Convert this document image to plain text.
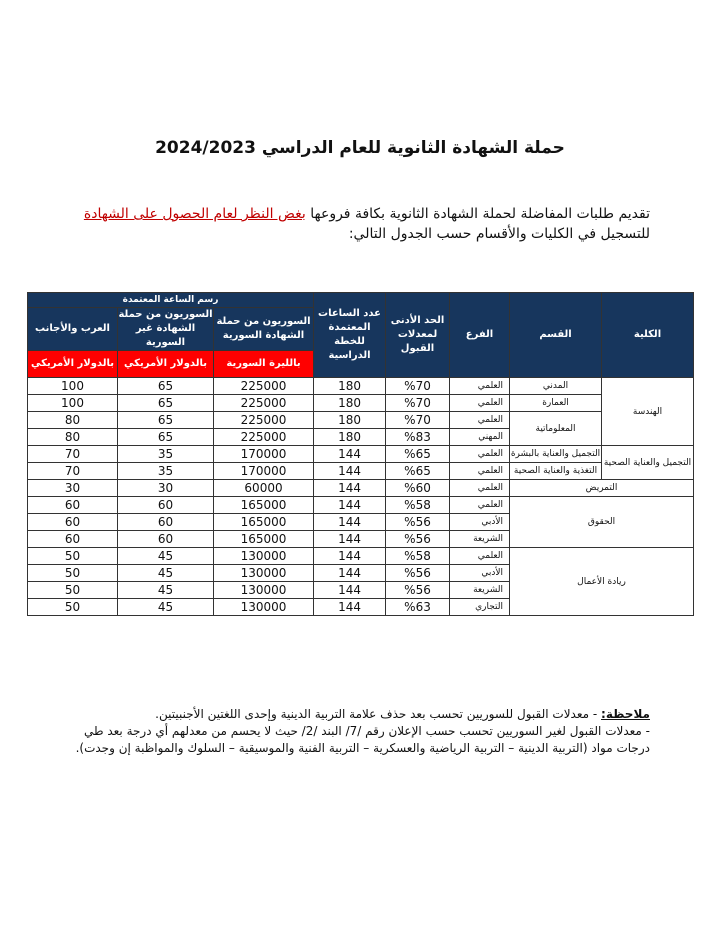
حملة الشهادة الثانوية للعام الدراسي 2024/2023
تقديم طلبات المفاضلة لحملة الشهادة الثانوية بكافة فروعها بغض النظر لعام الحصول على الشهادة للتسجيل في الكليات والأقسام حسب الجدول التالي:
الكلية	القسم	الفرع	الحد الأدنى لمعدلات القبول	عدد الساعات المعتمدة للخطة الدراسية	رسم الساعة المعتمدة		
					السوريون من حملة الشهادة السورية	السوريون من حملة الشهادة غير السورية	العرب والأجانب
					بالليرة السورية	بالدولار الأمريكي	بالدولار الأمريكي
الهندسة	المدني	العلمي	%70	180	225000	65	100
	العمارة	العلمي	%70	180	225000	65	100
	المعلوماتية	العلمي	%70	180	225000	65	80
		المهني	%83	180	225000	65	80
التجميل والعناية الصحية	التجميل والعناية بالبشرة	العلمي	%65	144	170000	35	70
	التغذية والعناية الصحية	العلمي	%65	144	170000	35	70
التمريض		العلمي	%60	144	60000	30	30
الحقوق		العلمي	%58	144	165000	60	60
		الأدبي	%56	144	165000	60	60
		الشريعة	%56	144	165000	60	60
ريادة الأعمال		العلمي	%58	144	130000	45	50
		الأدبي	%56	144	130000	45	50
		الشريعة	%56	144	130000	45	50
		التجاري	%63	144	130000	45	50
ملاحظة: - معدلات القبول للسوريين تحسب بعد حذف علامة التربية الدينية وإحدى اللغتين الأجنبيتين.
- معدلات القبول لغير السوريين تحسب حسب الإعلان رقم /7/ البند /2/ حيث لا يحسم من معدلهم أي درجة بعد طي درجات مواد (التربية الدينية – التربية الرياضية والعسكرية – التربية الفنية والموسيقية – السلوك والمواظبة إن وجدت).
